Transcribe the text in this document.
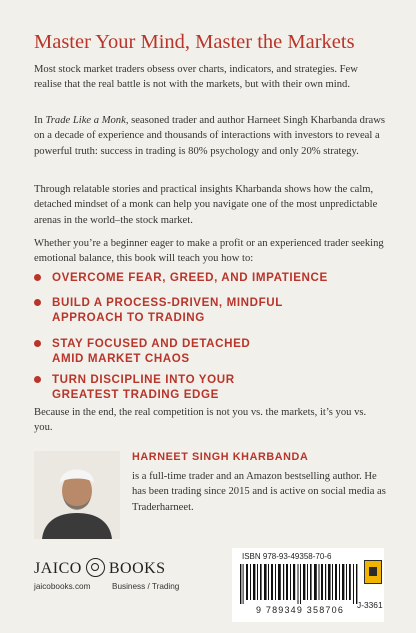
Master Your Mind, Master the Markets
Most stock market traders obsess over charts, indicators, and strategies. Few realise that the real battle is not with the markets, but with their own mind.
In Trade Like a Monk, seasoned trader and author Harneet Singh Kharbanda draws on a decade of experience and thousands of interactions with investors to reveal a powerful truth: success in trading is 80% psychology and only 20% strategy.
Through relatable stories and practical insights Kharbanda shows how the calm, detached mindset of a monk can help you navigate one of the most unpredictable arenas in the world–the stock market.
Whether you’re a beginner eager to make a profit or an experienced trader seeking emotional balance, this book will teach you how to:
OVERCOME FEAR, GREED, AND IMPATIENCE
BUILD A PROCESS-DRIVEN, MINDFUL APPROACH TO TRADING
STAY FOCUSED AND DETACHED AMID MARKET CHAOS
TURN DISCIPLINE INTO YOUR GREATEST TRADING EDGE
Because in the end, the real competition is not you vs. the markets, it’s you vs. you.
HARNEET SINGH KHARBANDA
is a full-time trader and an Amazon bestselling author. He has been trading since 2015 and is active on social media as Traderharneet.
JAICO BOOKS
jaicobooks.com	Business / Trading
ISBN 978-93-49358-70-6
9 789349 358706	J-3361
